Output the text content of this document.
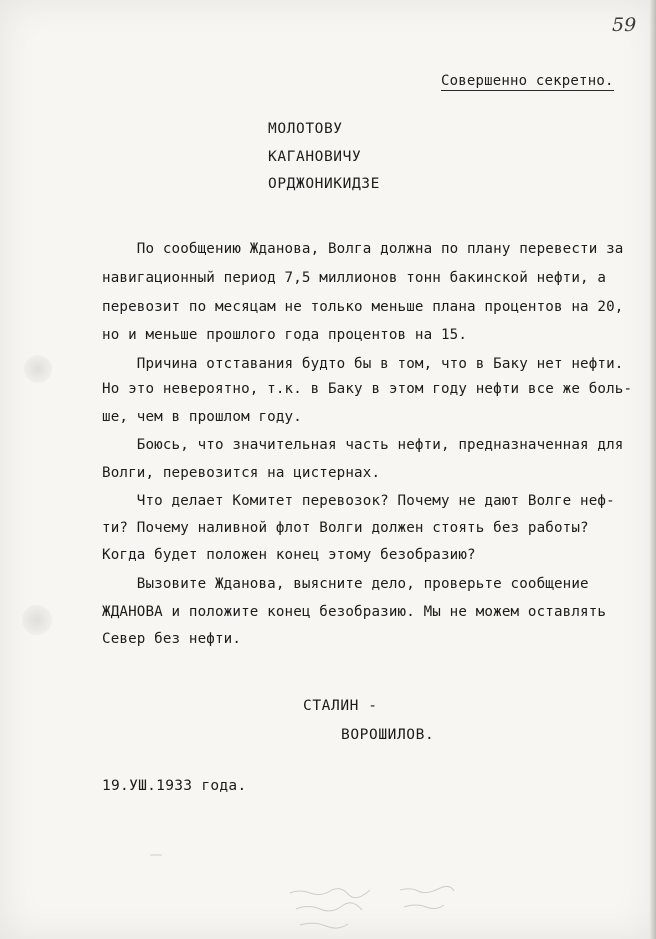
59
Совершенно секретно.
МОЛОТОВУ
КАГАНОВИЧУ
ОРДЖОНИКИДЗЕ
По сообщению Жданова, Волга должна по плану перевести за
навигационный период 7,5 миллионов тонн бакинской нефти, а
перевозит по месяцам не только меньше плана процентов на 20,
но и меньше прошлого года процентов на 15.
Причина отставания будто бы в том, что в Баку нет нефти.
Но это невероятно, т.к. в Баку в этом году нефти все же боль-
ше, чем в прошлом году.
Боюсь, что значительная часть нефти, предназначенная для
Волги, перевозится на цистернах.
Что делает Комитет перевозок? Почему не дают Волге неф-
ти? Почему наливной флот Волги должен стоять без работы?
Когда будет положен конец этому безобразию?
Вызовите Жданова, выясните дело, проверьте сообщение
ЖДАНОВА и положите конец безобразию. Мы не можем оставлять
Север без нефти.
СТАЛИН -
ВОРОШИЛОВ.
19.УШ.1933 года.
